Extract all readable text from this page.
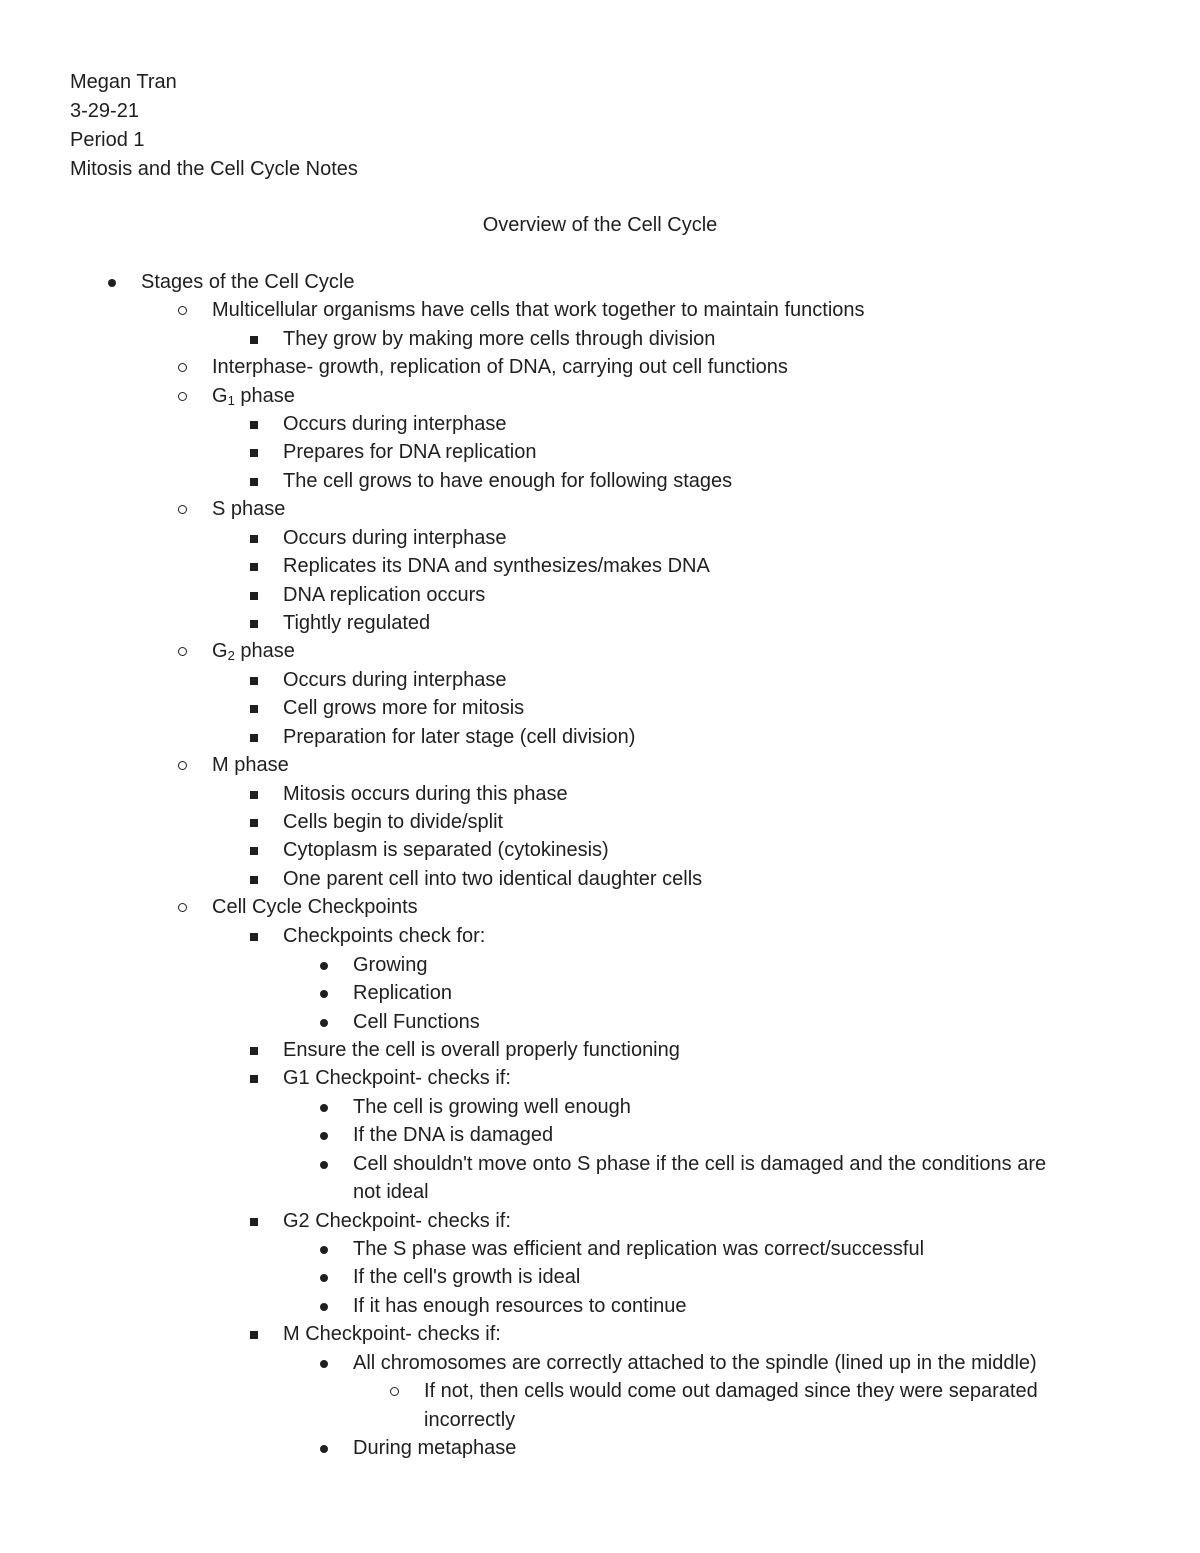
Megan Tran
3-29-21
Period 1
Mitosis and the Cell Cycle Notes
Overview of the Cell Cycle
Stages of the Cell Cycle
Multicellular organisms have cells that work together to maintain functions
They grow by making more cells through division
Interphase- growth, replication of DNA, carrying out cell functions
$G_1$ phase
Occurs during interphase
Prepares for DNA replication
The cell grows to have enough for following stages
S phase
Occurs during interphase
Replicates its DNA and synthesizes/makes DNA
DNA replication occurs
Tightly regulated
$G_2$ phase
Occurs during interphase
Cell grows more for mitosis
Preparation for later stage (cell division)
M phase
Mitosis occurs during this phase
Cells begin to divide/split
Cytoplasm is separated (cytokinesis)
One parent cell into two identical daughter cells
Cell Cycle Checkpoints
Checkpoints check for:
Growing
Replication
Cell Functions
Ensure the cell is overall properly functioning
G1 Checkpoint- checks if:
The cell is growing well enough
If the DNA is damaged
Cell shouldn't move onto S phase if the cell is damaged and the conditions are
not ideal
G2 Checkpoint- checks if:
The S phase was efficient and replication was correct/successful
If the cell's growth is ideal
If it has enough resources to continue
M Checkpoint- checks if:
All chromosomes are correctly attached to the spindle (lined up in the middle)
If not, then cells would come out damaged since they were separated
incorrectly
During metaphase
